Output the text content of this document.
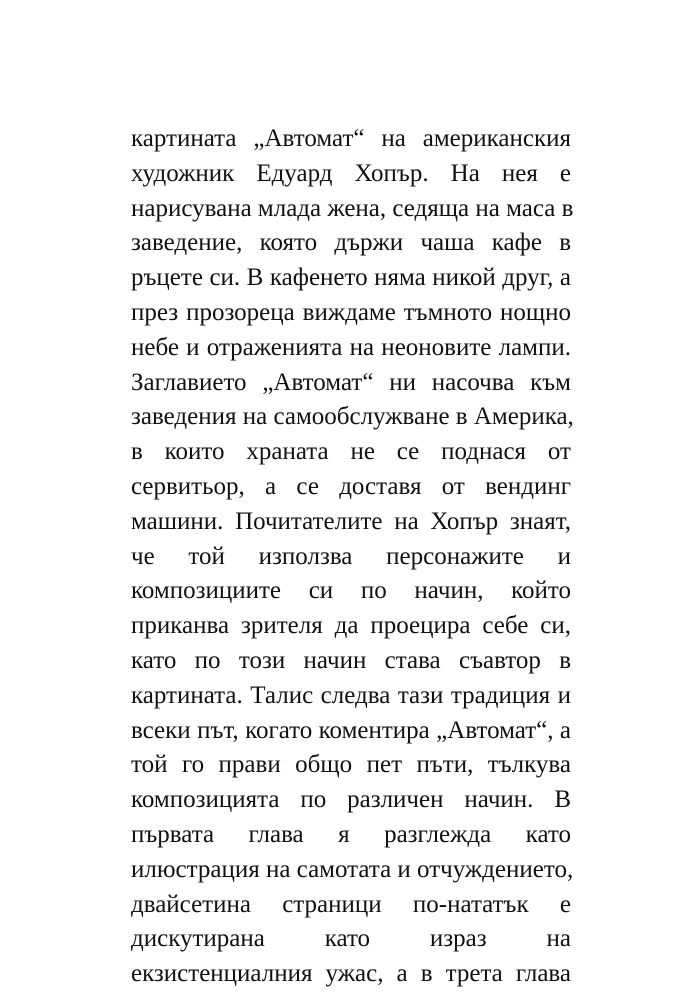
картината „Автомат“ на американския
художник Едуард Хопър. На нея е
нарисувана млада жена, седяща на маса в
заведение, която държи чаша кафе в
ръцете си. В кафенето няма никой друг, а
през прозореца виждаме тъмното нощно
небе и отраженията на неоновите лампи.
Заглавието „Автомат“ ни насочва към
заведения на самообслужване в Америка,
в които храната не се поднася от
сервитьор, а се доставя от вендинг
машини. Почитателите на Хопър знаят,
че той използва персонажите и
композициите си по начин, който
приканва зрителя да проецира себе си,
като по този начин става съавтор в
картината. Талис следва тази традиция и
всеки път, когато коментира „Автомат“, а
той го прави общо пет пъти, тълкува
композицията по различен начин. В
първата глава я разглежда като
илюстрация на самотата и отчуждението,
двайсетина страници по-нататък е
дискутирана като израз на
екзистенциалния ужас, а в трета глава
